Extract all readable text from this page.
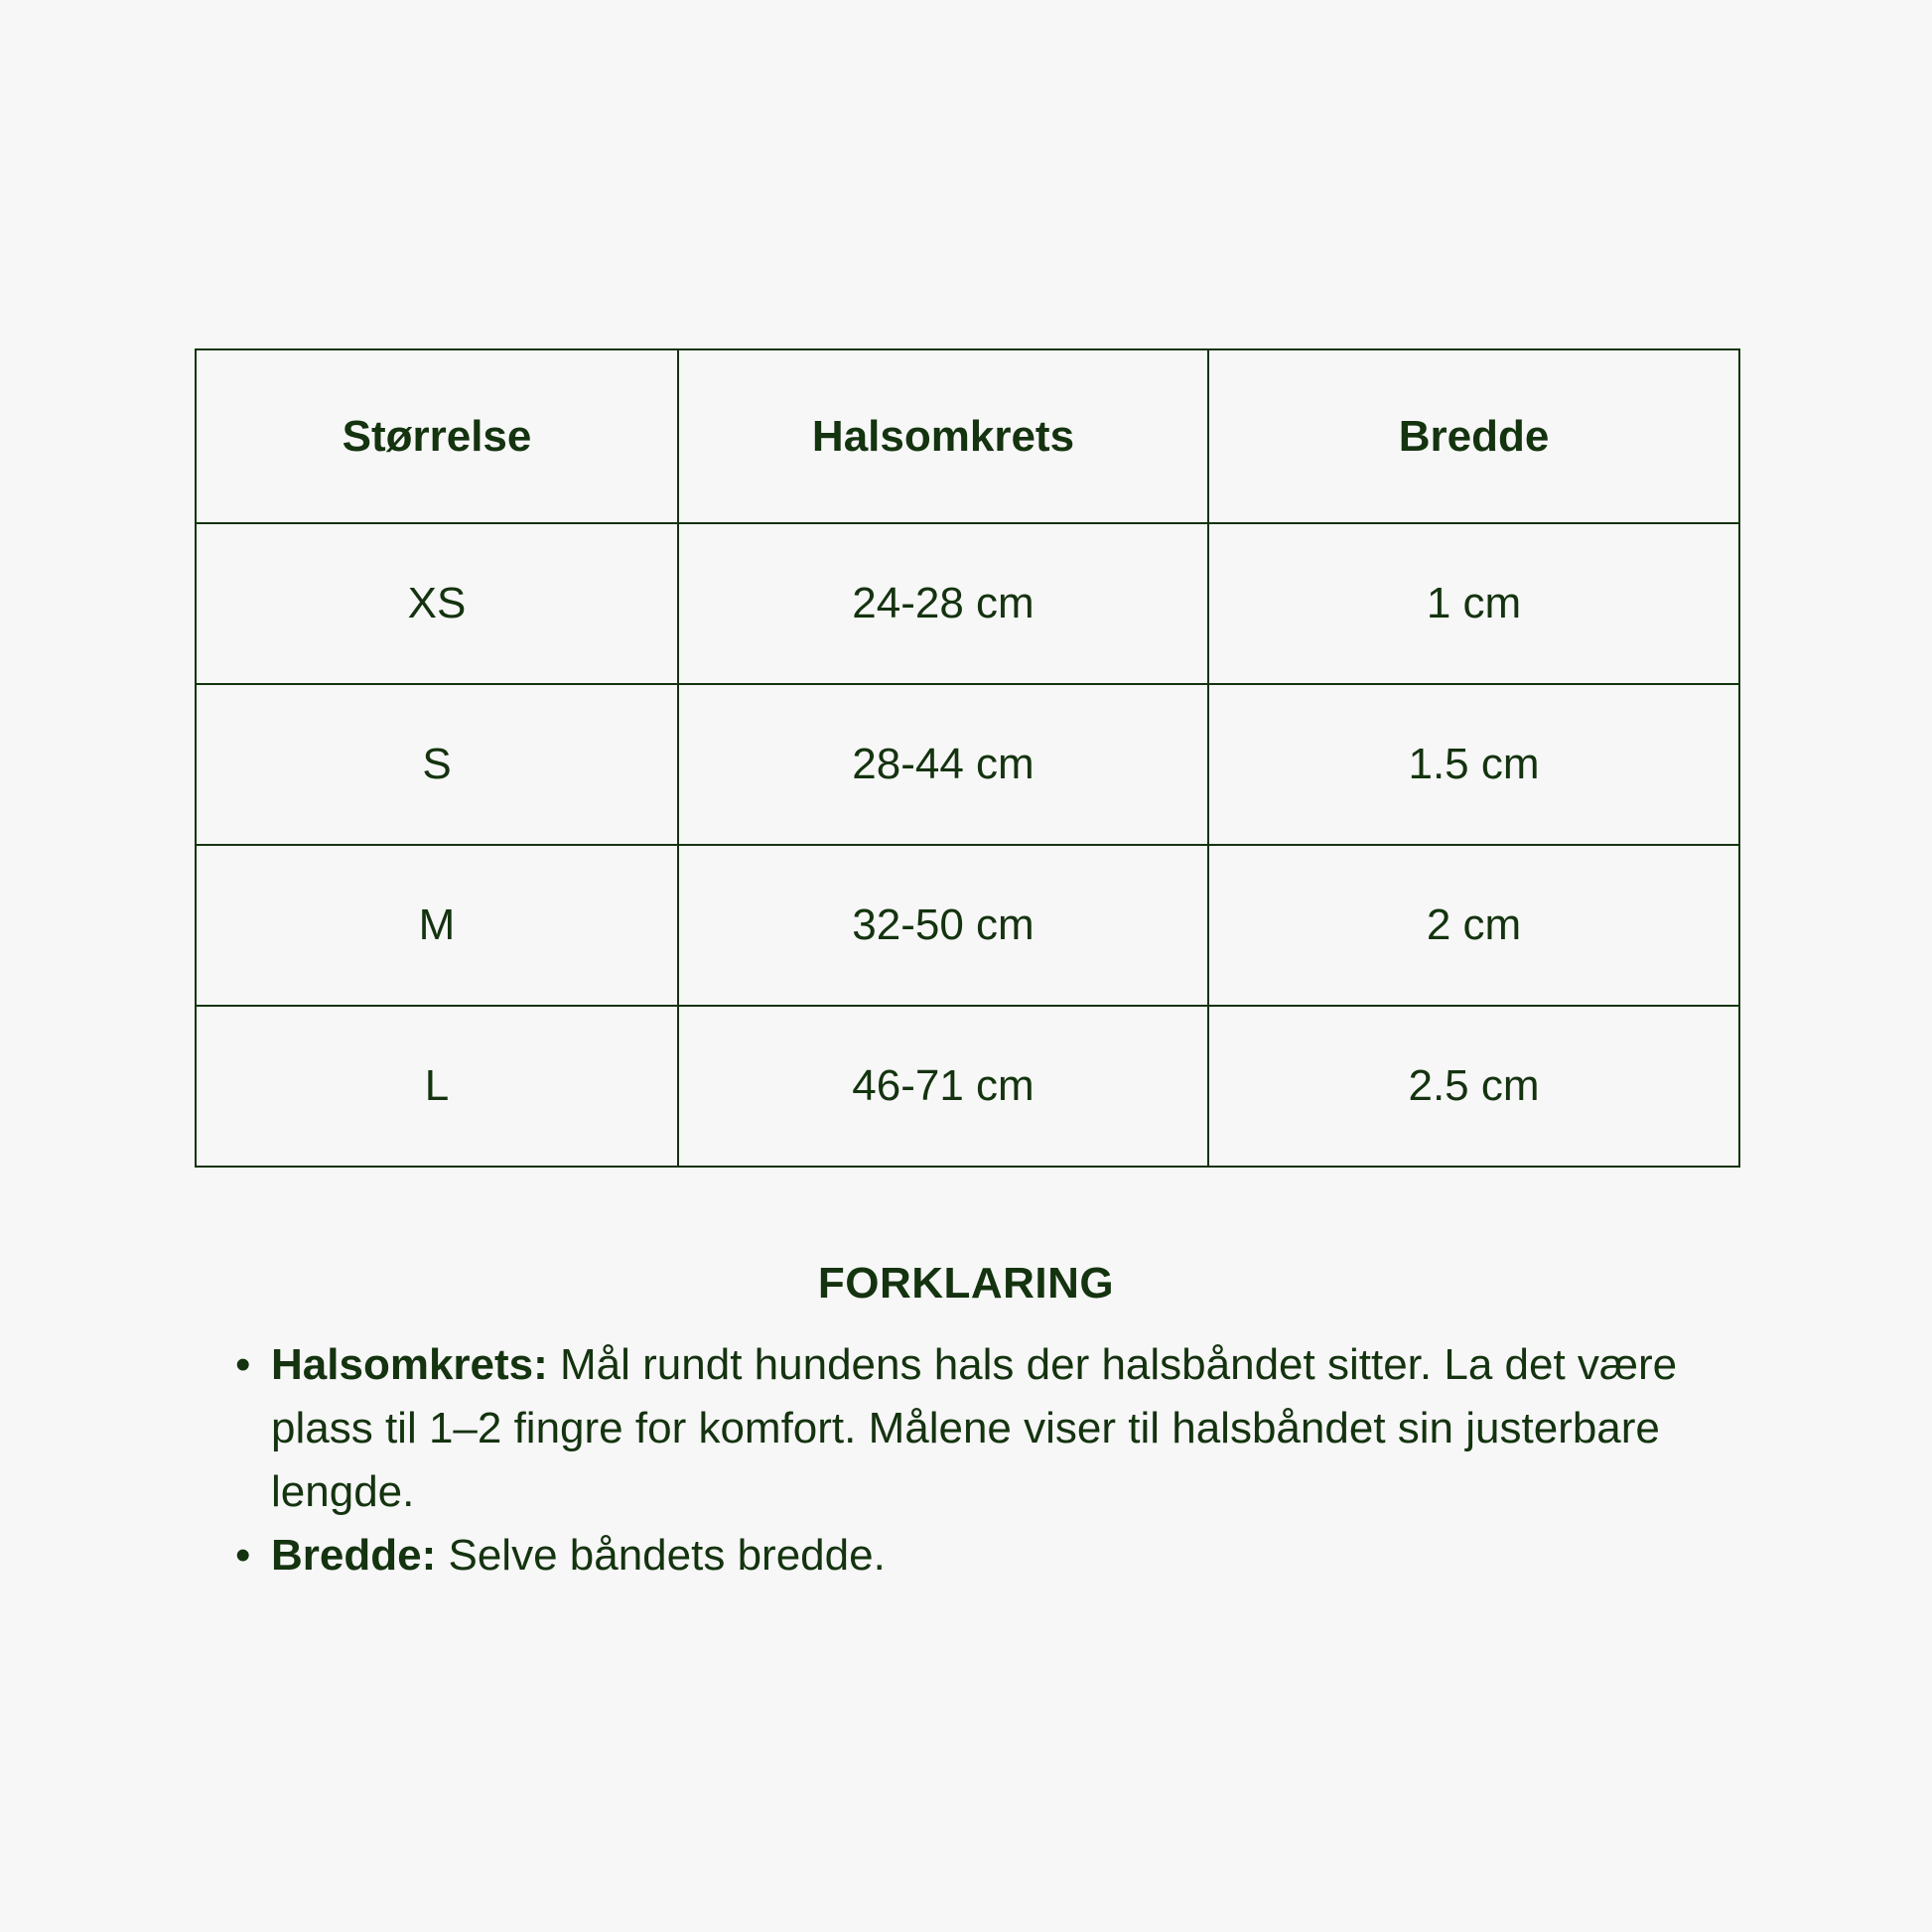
Størrelse	Halsomkrets	Bredde
XS	24-28 cm	1 cm
S	28-44 cm	1.5 cm
M	32-50 cm	2 cm
L	46-71 cm	2.5 cm
FORKLARING
• Halsomkrets: Mål rundt hundens hals der halsbåndet sitter. La det være plass til 1–2 fingre for komfort. Målene viser til halsbåndet sin justerbare lengde.
• Bredde: Selve båndets bredde.
